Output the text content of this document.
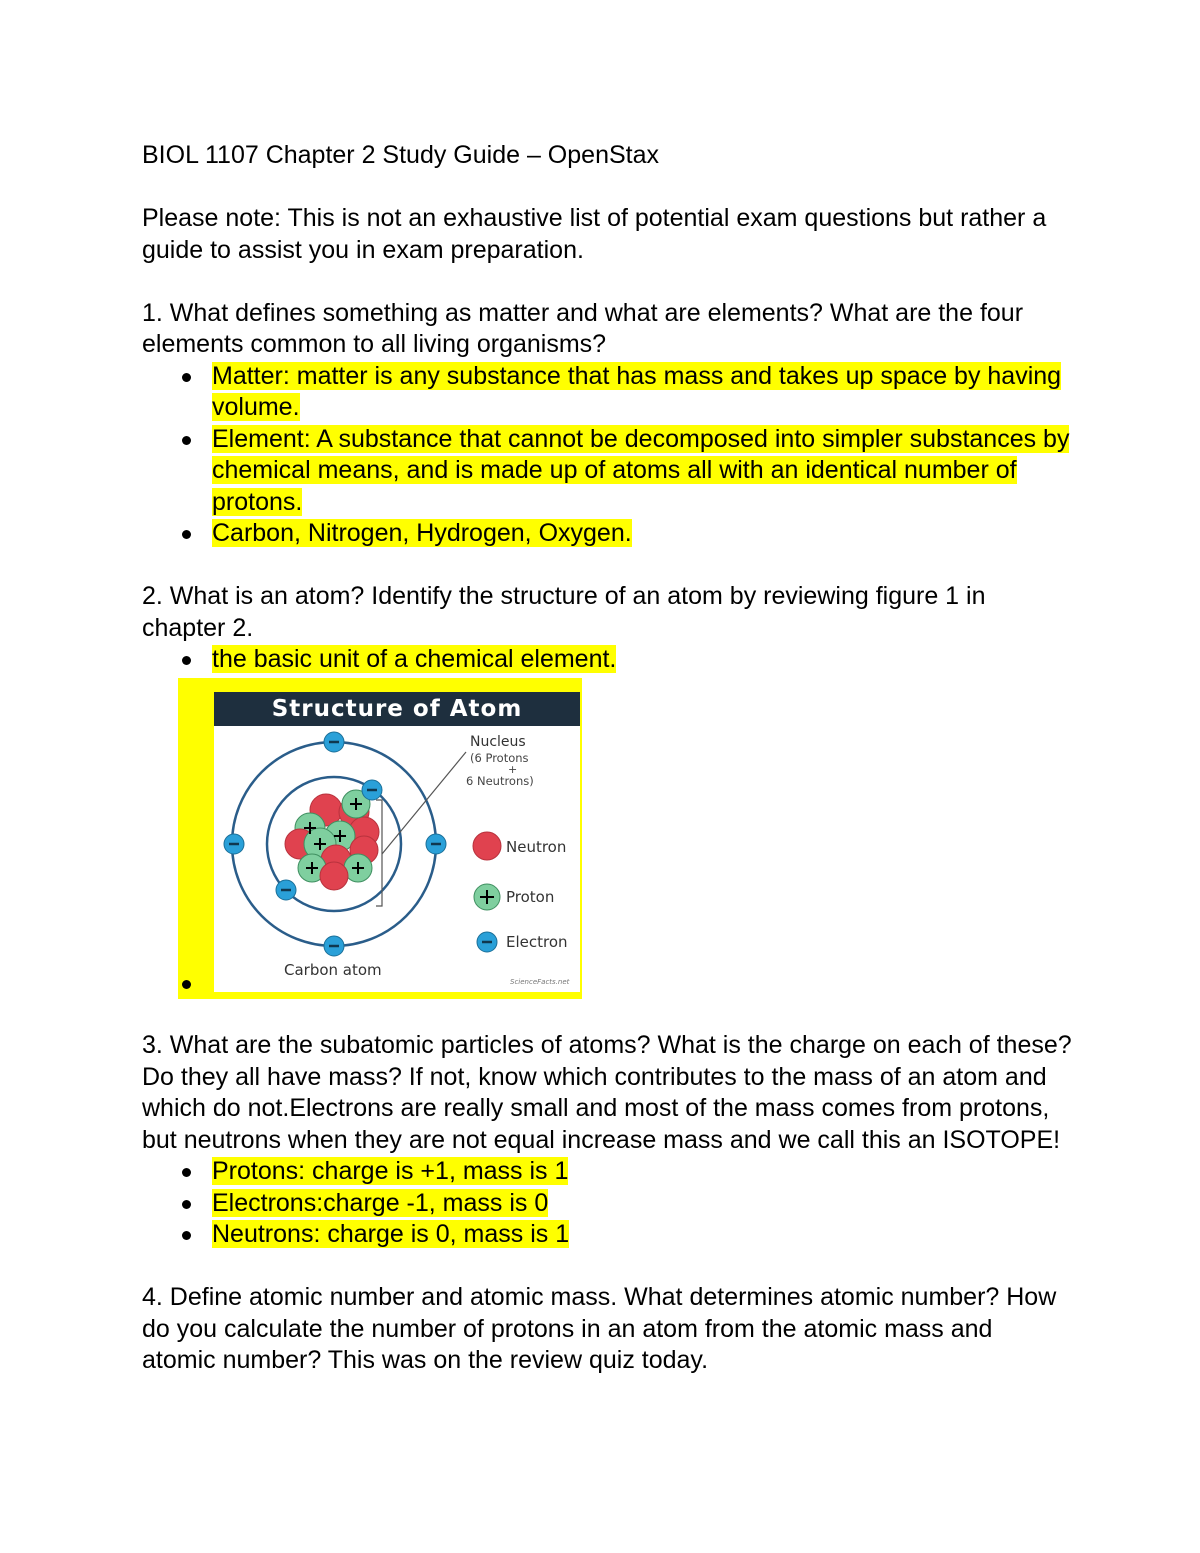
BIOL 1107 Chapter 2 Study Guide – OpenStax

Please note: This is not an exhaustive list of potential exam questions but rather a guide to assist you in exam preparation.

1. What defines something as matter and what are elements? What are the four elements common to all living organisms?

Matter: matter is any substance that has mass and takes up space by having volume.
Element: A substance that cannot be decomposed into simpler substances by chemical means, and is made up of atoms all with an identical number of protons.
Carbon, Nitrogen, Hydrogen, Oxygen.

2. What is an atom? Identify the structure of an atom by reviewing figure 1 in chapter 2.

the basic unit of a chemical element.
Structure of Atom
Nucleus
(6 Protons
+
6 Neutrons)
Neutron
Proton
Electron
Carbon atom
ScienceFacts.net

3. What are the subatomic particles of atoms? What is the charge on each of these? Do they all have mass? If not, know which contributes to the mass of an atom and which do not.Electrons are really small and most of the mass comes from protons, but neutrons when they are not equal increase mass and we call this an ISOTOPE!

Protons: charge is +1, mass is 1
Electrons:charge -1, mass is 0
Neutrons: charge is 0, mass is 1

4. Define atomic number and atomic mass. What determines atomic number? How do you calculate the number of protons in an atom from the atomic mass and atomic number? This was on the review quiz today.
